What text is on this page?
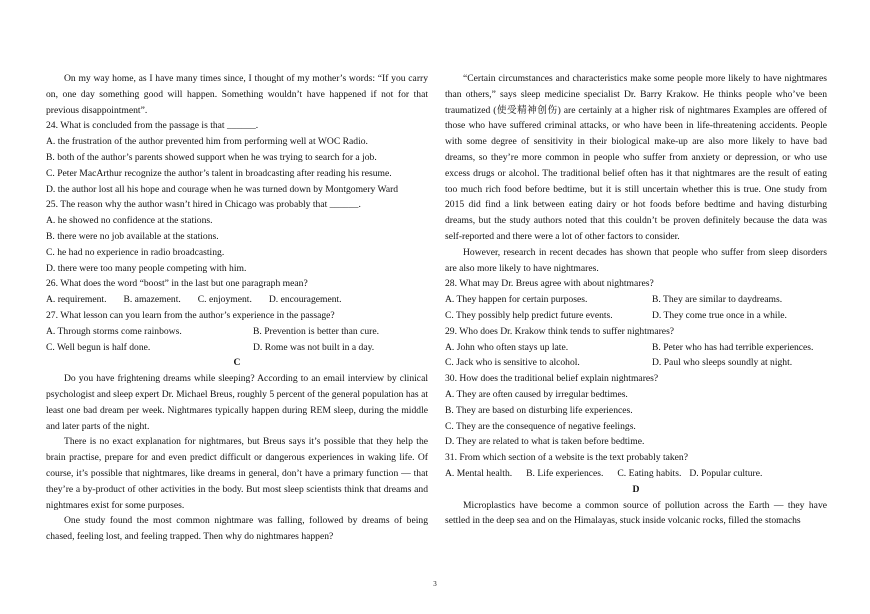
On my way home, as I have many times since, I thought of my mother’s words: “If you carry on, one day something good will happen. Something wouldn’t have happened if not for that previous disappointment”.

24. What is concluded from the passage is that ______.

A. the frustration of the author prevented him from performing well at WOC Radio.

B. both of the author’s parents showed support when he was trying to search for a job.

C. Peter MacArthur recognize the author’s talent in broadcasting after reading his resume.

D. the author lost all his hope and courage when he was turned down by Montgomery Ward

25. The reason why the author wasn’t hired in Chicago was probably that ______.

A. he showed no confidence at the stations.

B. there were no job available at the stations.

C. he had no experience in radio broadcasting.

D. there were too many people competing with him.

26. What does the word “boost” in the last but one paragraph mean?

A. requirement. B. amazement. C. enjoyment. D. encouragement.

27. What lesson can you learn from the author’s experience in the passage?

A. Through storms come rainbows.	B. Prevention is better than cure.
C. Well begun is half done.	D. Rome was not built in a day.

C

Do you have frightening dreams while sleeping? According to an email interview by clinical psychologist and sleep expert Dr. Michael Breus, roughly 5 percent of the general population has at least one bad dream per week. Nightmares typically happen during REM sleep, during the middle and later parts of the night.

There is no exact explanation for nightmares, but Breus says it’s possible that they help the brain practise, prepare for and even predict difficult or dangerous experiences in waking life. Of course, it’s possible that nightmares, like dreams in general, don’t have a primary function — that they’re a by-product of other activities in the body. But most sleep scientists think that dreams and nightmares exist for some purposes.

One study found the most common nightmare was falling, followed by dreams of being chased, feeling lost, and feeling trapped. Then why do nightmares happen?

“Certain circumstances and characteristics make some people more likely to have nightmares than others,” says sleep medicine specialist Dr. Barry Krakow. He thinks people who’ve been traumatized (使受精神创伤) are certainly at a higher risk of nightmares Examples are offered of those who have suffered criminal attacks, or who have been in life-threatening accidents. People with some degree of sensitivity in their biological make-up are also more likely to have bad dreams, so they’re more common in people who suffer from anxiety or depression, or who use excess drugs or alcohol. The traditional belief often has it that nightmares are the result of eating too much rich food before bedtime, but it is still uncertain whether this is true. One study from 2015 did find a link between eating dairy or hot foods before bedtime and having disturbing dreams, but the study authors noted that this couldn’t be proven definitely because the data was self-reported and there were a lot of other factors to consider.

However, research in recent decades has shown that people who suffer from sleep disorders are also more likely to have nightmares.

28. What may Dr. Breus agree with about nightmares?

A. They happen for certain purposes.	B. They are similar to daydreams.
C. They possibly help predict future events.	D. They come true once in a while.

29. Who does Dr. Krakow think tends to suffer nightmares?

A. John who often stays up late.	B. Peter who has had terrible experiences.
C. Jack who is sensitive to alcohol.	D. Paul who sleeps soundly at night.

30. How does the traditional belief explain nightmares?

A. They are often caused by irregular bedtimes.

B. They are based on disturbing life experiences.

C. They are the consequence of negative feelings.

D. They are related to what is taken before bedtime.

31. From which section of a website is the text probably taken?

A. Mental health. B. Life experiences. C. Eating habits. D. Popular culture.

D

Microplastics have become a common source of pollution across the Earth — they have settled in the deep sea and on the Himalayas, stuck inside volcanic rocks, filled the stomachs

3
